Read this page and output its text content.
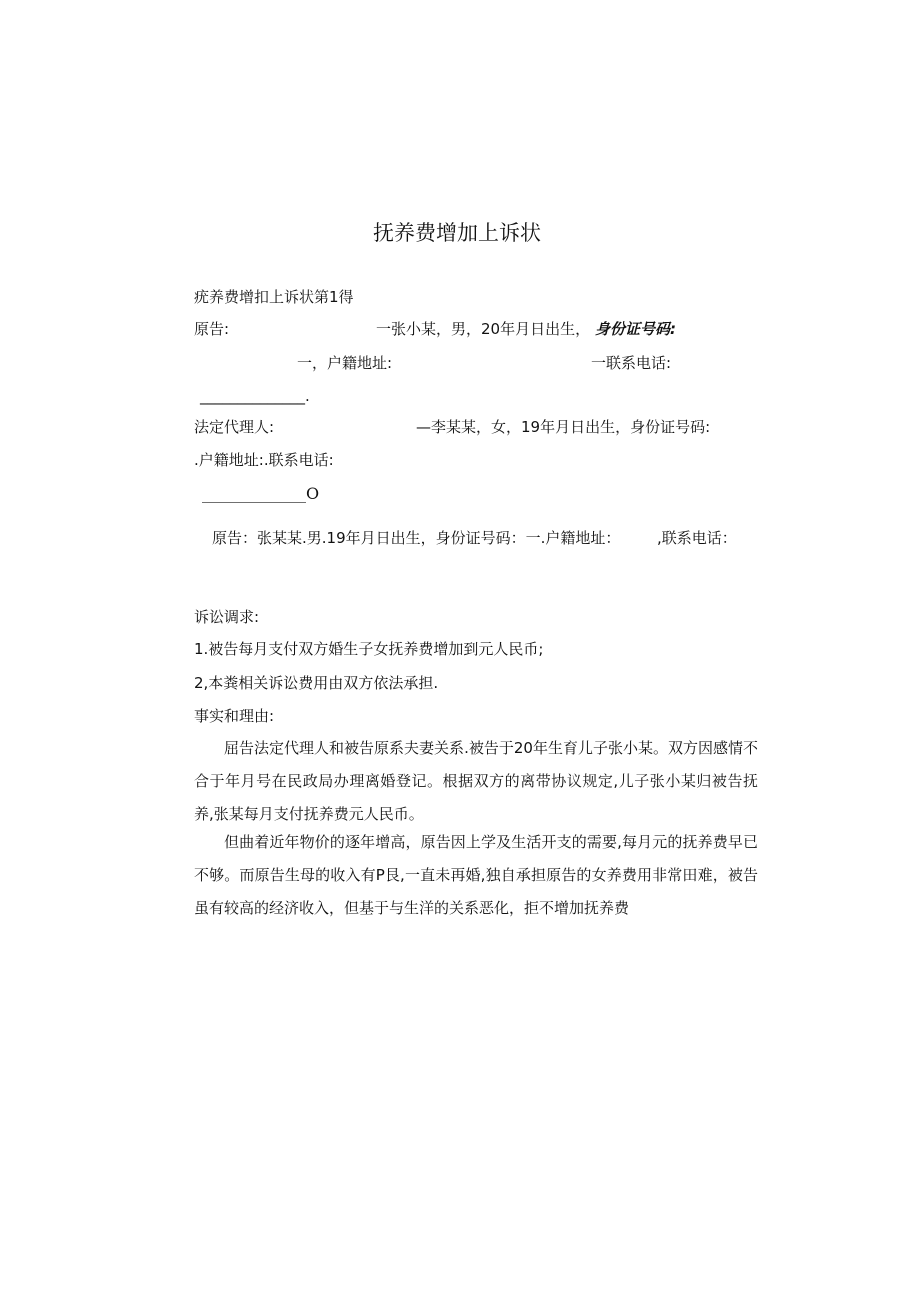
抚养费增加上诉状
疣养费增扣上诉状第1得
原告:	一张小某，男，20年月日出生， 身份证号码:
一，户籍地址:	一联系电话:
______________.
法定代理人:	—李某某，女，19年月日出生，身份证号码:
.户籍地址:.联系电话:
_____________O
原告：张某某.男.19年月日出生，身份证号码：一.户籍地址： ,联系电话：
诉讼调求:
1.被告每月支付双方婚生子女抚养费增加到元人民币;
2,本粪相关诉讼费用由双方依法承担.
事实和理由:
屈告法定代理人和被告原系夫妻关系.被告于20年生育儿子张小某。双方因感情不合于年月号在民政局办理离婚登记。根据双方的离带协议规定,儿子张小某归被告抚养,张某每月支付抚养费元人民币。
但曲着近年物价的逐年增高，原告因上学及生活开支的需要,每月元的抚养费早已不够。而原告生母的收入有P艮,一直未再婚,独自承担原告的女养费用非常田难，被告虽有较高的经济收入，但基于与生洋的关系恶化，拒不增加抚养费
